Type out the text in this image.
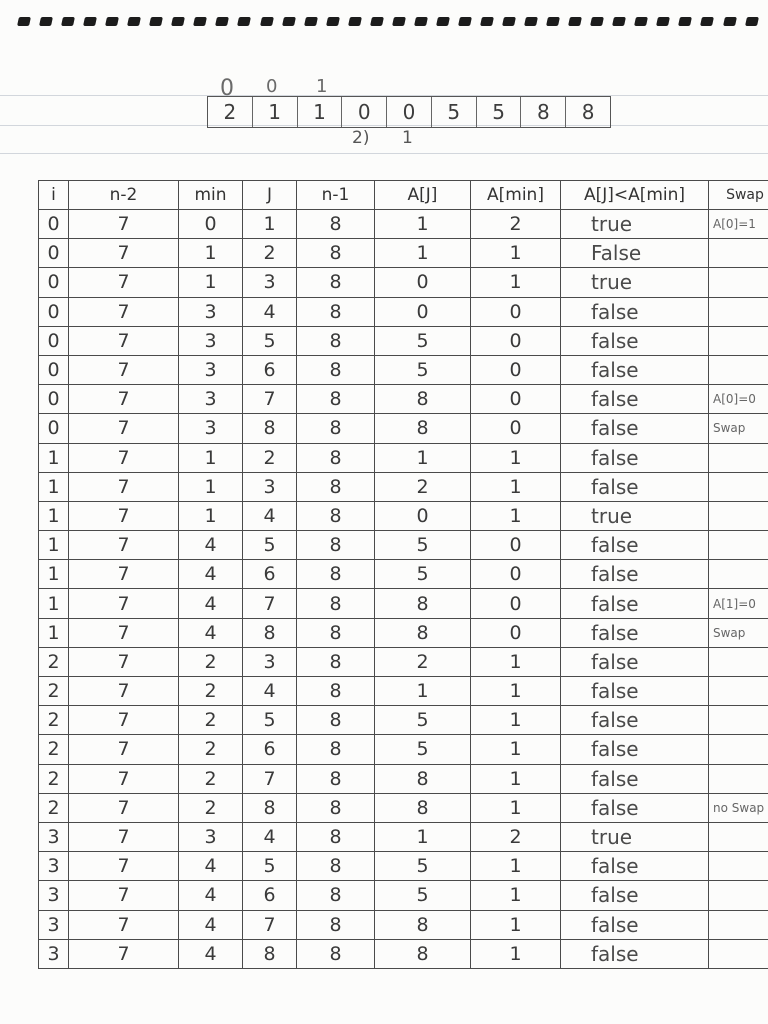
0 0 1
2	1	1	0	0	5	5	8	8
2) 1
i	n-2	min	J	n-1	A[J]	A[min]	A[J]<A[min]	Swap
0	7	0	1	8	1	2	true	A[0]=1
0	7	1	2	8	1	1	False	
0	7	1	3	8	0	1	true	
0	7	3	4	8	0	0	false	
0	7	3	5	8	5	0	false	
0	7	3	6	8	5	0	false	
0	7	3	7	8	8	0	false	A[0]=0
0	7	3	8	8	8	0	false	Swap
1	7	1	2	8	1	1	false	
1	7	1	3	8	2	1	false	
1	7	1	4	8	0	1	true	
1	7	4	5	8	5	0	false	
1	7	4	6	8	5	0	false	
1	7	4	7	8	8	0	false	A[1]=0
1	7	4	8	8	8	0	false	Swap
2	7	2	3	8	2	1	false	
2	7	2	4	8	1	1	false	
2	7	2	5	8	5	1	false	
2	7	2	6	8	5	1	false	
2	7	2	7	8	8	1	false	
2	7	2	8	8	8	1	false	no Swap
3	7	3	4	8	1	2	true	
3	7	4	5	8	5	1	false	
3	7	4	6	8	5	1	false	
3	7	4	7	8	8	1	false	
3	7	4	8	8	8	1	false	
